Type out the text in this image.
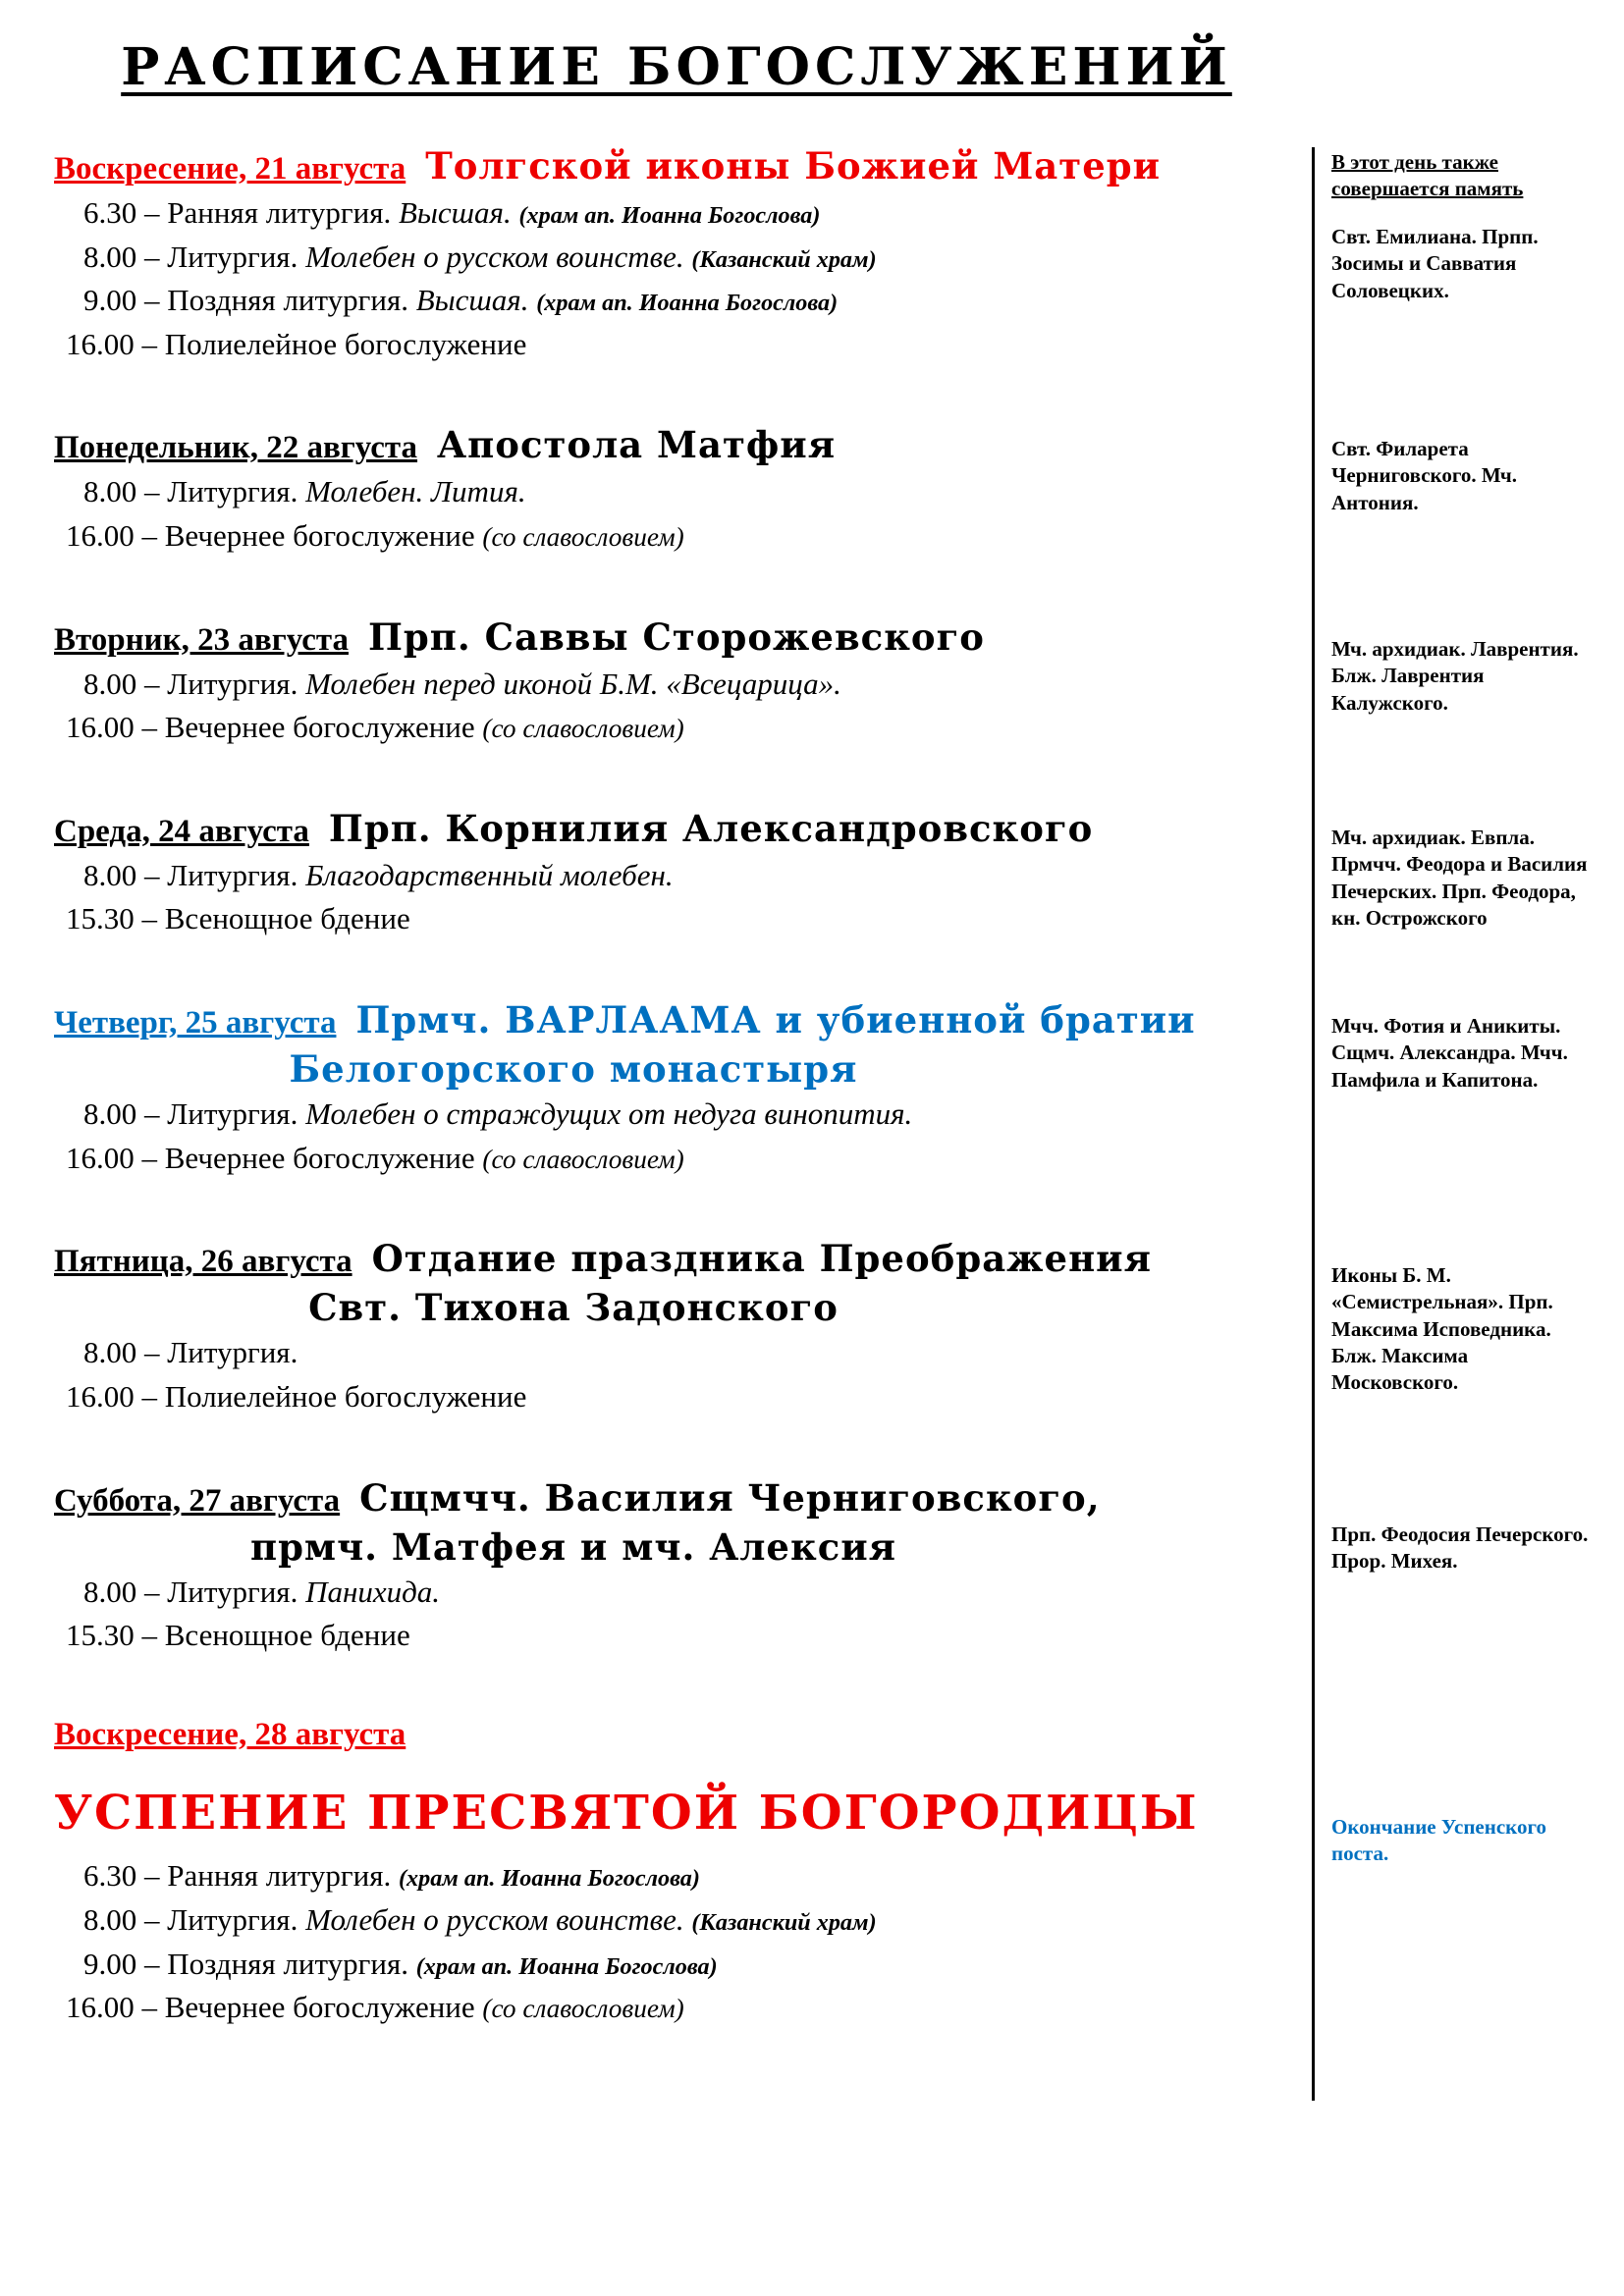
РАСПИСАНИЕ БОГОСЛУЖЕНИЙ
Воскресение, 21 августа Толгской иконы Божией Матери
6.30 – Ранняя литургия. Высшая. (храм ап. Иоанна Богослова)
8.00 – Литургия. Молебен о русском воинстве. (Казанский храм)
9.00 – Поздняя литургия. Высшая. (храм ап. Иоанна Богослова)
16.00 – Полиелейное богослужение
Понедельник, 22 августа Апостола Матфия
8.00 – Литургия. Молебен. Лития.
16.00 – Вечернее богослужение (со славословием)
Вторник, 23 августа Прп. Саввы Сторожевского
8.00 – Литургия. Молебен перед иконой Б.М. «Всецарица».
16.00 – Вечернее богослужение (со славословием)
Среда, 24 августа Прп. Корнилия Александровского
8.00 – Литургия. Благодарственный молебен.
15.30 – Всенощное бдение
Четверг, 25 августа Прмч. ВАРЛААМА и убиенной братии
Белогорского монастыря
8.00 – Литургия. Молебен о страждущих от недуга винопития.
16.00 – Вечернее богослужение (со славословием)
Пятница, 26 августа Отдание праздника Преображения
Свт. Тихона Задонского
8.00 – Литургия.
16.00 – Полиелейное богослужение
Суббота, 27 августа Сщмчч. Василия Черниговского,
прмч. Матфея и мч. Алексия
8.00 – Литургия. Панихида.
15.30 – Всенощное бдение
Воскресение, 28 августа
УСПЕНИЕ ПРЕСВЯТОЙ БОГОРОДИЦЫ
6.30 – Ранняя литургия. (храм ап. Иоанна Богослова)
8.00 – Литургия. Молебен о русском воинстве. (Казанский храм)
9.00 – Поздняя литургия. (храм ап. Иоанна Богослова)
16.00 – Вечернее богослужение (со славословием)
В этот день также совершается память
Свт. Емилиана. Прпп. Зосимы и Савватия Соловецких.
Свт. Филарета Черниговского. Мч. Антония.
Мч. архидиак. Лаврентия. Блж. Лаврентия Калужского.
Мч. архидиак. Евпла. Прмчч. Феодора и Василия Печерских. Прп. Феодора, кн. Острожского
Мчч. Фотия и Аникиты. Сщмч. Александра. Мчч. Памфила и Капитона.
Иконы Б. М. «Семистрельная». Прп. Максима Исповедника. Блж. Максима Московского.
Прп. Феодосия Печерского. Прор. Михея.
Окончание Успенского поста.
